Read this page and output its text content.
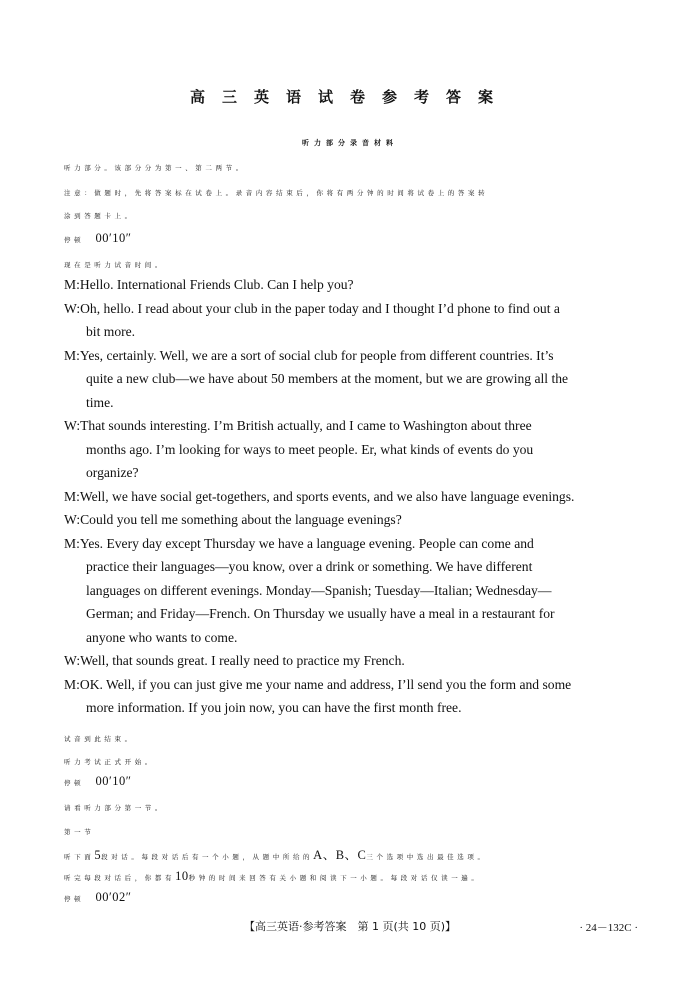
高三英语试卷参考答案
听力部分录音材料
听力部分。该部分分为第一、第二两节。
注意：做题时，先将答案标在试卷上。录音内容结束后，你将有两分钟的时间将试卷上的答案转
涂到答题卡上。
停顿 00′10″
现在是听力试音时间。
M:Hello. International Friends Club. Can I help you?
W:Oh, hello. I read about your club in the paper today and I thought I’d phone to find out a
bit more.
M:Yes, certainly. Well, we are a sort of social club for people from different countries. It’s
quite a new club—we have about 50 members at the moment, but we are growing all the
time.
W:That sounds interesting. I’m British actually, and I came to Washington about three
months ago. I’m looking for ways to meet people. Er, what kinds of events do you
organize?
M:Well, we have social get-togethers, and sports events, and we also have language evenings.
W:Could you tell me something about the language evenings?
M:Yes. Every day except Thursday we have a language evening. People can come and
practice their languages—you know, over a drink or something. We have different
languages on different evenings. Monday—Spanish; Tuesday—Italian; Wednesday—
German; and Friday—French. On Thursday we usually have a meal in a restaurant for
anyone who wants to come.
W:Well, that sounds great. I really need to practice my French.
M:OK. Well, if you can just give me your name and address, I’ll send you the form and some
more information. If you join now, you can have the first month free.
试音到此结束。
听力考试正式开始。
停顿 00′10″
请看听力部分第一节。
第一节
听下面5段对话。每段对话后有一个小题，从题中所给的A、B、C三个选项中选出最佳选项。
听完每段对话后，你都有10秒钟的时间来回答有关小题和阅读下一小题。每段对话仅读一遍。
停顿 00′02″
【高三英语·参考答案　第 1 页(共 10 页)】	· 24－132C ·
